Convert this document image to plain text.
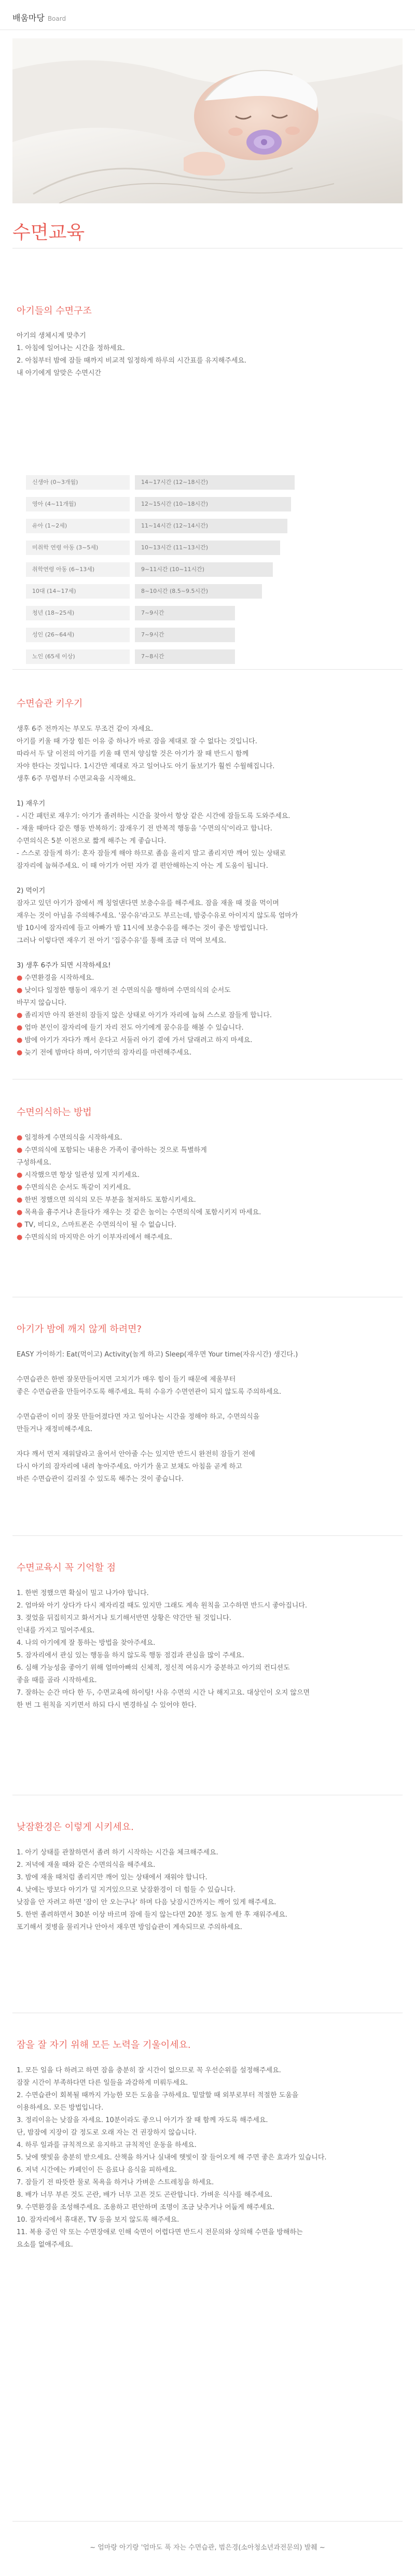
배움마당 Board
수면교육
아기들의 수면구조

아기의 생체시계 맞추기

1. 아침에 일어나는 시간을 정하세요.

2. 아침부터 밤에 잠들 때까지 비교적 일정하게 하루의 시간표를 유지해주세요.

내 아기에게 알맞은 수면시간

신생아 (0~3개월)	14~17시간 (12~18시간)
영아 (4~11개월)	12~15시간 (10~18시간)
유아 (1~2세)	11~14시간 (12~14시간)
미취학 연령 아동 (3~5세)	10~13시간 (11~13시간)
취학연령 아동 (6~13세)	9~11시간 (10~11시간)
10대 (14~17세)	8~10시간 (8.5~9.5시간)
청년 (18~25세)	7~9시간
성인 (26~64세)	7~9시간
노인 (65세 이상)	7~8시간
수면습관 키우기

생후 6주 전까지는 부모도 무조건 같이 자세요.

아기를 키울 때 가장 힘든 이유 중 하나가 바로 잠을 제대로 잘 수 없다는 것입니다.

따라서 두 달 이전의 아기를 키울 때 먼저 양심할 것은 아기가 잘 때 반드시 함께

자야 한다는 것입니다. 1시간만 제대로 자고 일어나도 아기 돌보기가 훨씬 수월해집니다.

생후 6주 무렵부터 수면교육을 시작해요.

1) 재우기

- 시간 패턴로 재우기: 아기가 졸려하는 시간을 찾아서 항상 같은 시간에 잠들도록 도와주세요.

- 재울 때마다 같은 행동 반복하기: 잠재우기 전 반복적 행동을 '수면의식'이라고 합니다.

수면의식은 5분 이전으로 짧게 해주는 게 좋습니다.

- 스스로 잠들게 하기: 혼자 잠들게 해야 하므로 졸음 올리지 말고 졸리지만 깨어 있는 상태로

잠자리에 눕혀주세요. 이 때 아기가 어떤 자가 곁 편안해하는지 아는 게 도움이 됩니다.

2) 먹이기

잠자고 있던 아기가 잠에서 깨 칭얼댄다면 보충수유를 해주세요. 잠을 재울 때 젖을 먹이며

재우는 것이 아님을 주의해주세요. '꿈수유'라고도 부르는데, 밤중수유로 아이지지 않도록 엄마가

밤 10시에 잠자리에 들고 아빠가 밤 11시에 보충수유를 해주는 것이 좋은 방법입니다.

그러나 이렇다면 재우기 전 아기 '집중수유'를 통해 조금 더 먹여 보세요.

3) 생후 6주가 되면 시작하세요!

● 수면환경을 시작하세요.

● 낮이다 일정한 행동이 재우기 전 수면의식을 행하며 수면의식의 순서도

바꾸지 않습니다.

● 졸리지만 아직 완전히 잠들지 않은 상태로 아기가 자리에 눕혀 스스로 잠들게 합니다.

● 엄마 본인이 잠자리에 들기 자리 전도 아기에게 꿈수유를 해볼 수 있습니다.

● 밤에 아기가 자다가 깨서 운다고 서둘러 아기 곁에 가서 달래려고 하지 마세요.

● 늦기 전에 밤마다 하며, 아기만의 잠자리를 마련해주세요.

수면의식하는 방법

● 일정하게 수면의식을 시작하세요.

● 수면의식에 포함되는 내용은 가족이 좋아하는 것으로 특별하게

구성하세요.

● 시작했으면 항상 일관성 있게 지키세요.

● 수면의식은 순서도 똑같이 지키세요.

● 한번 정했으면 의식의 모든 부분을 철저하도 포함시키세요.

● 목욕을 흉주거나 흔들다가 재우는 것 같은 놀이는 수면의식에 포함시키지 마세요.

● TV, 비디오, 스마트폰은 수면의식이 될 수 없습니다.

● 수면의식의 마지막은 아기 이부자리에서 해주세요.

아기가 밤에 깨지 않게 하려면?

EASY 가이하기: Eat(먹이고) Activity(놀게 하고) Sleep(재우면 Your time(자유시간) 생긴다.)

수면습관은 한번 잘못만들어지면 고치기가 매우 힘이 들기 때문에 제울부터

좋은 수면습관을 만들어주도록 해주세요. 특히 수유가 수면연관이 되지 않도록 주의하세요.

수면습관이 이미 잘못 만들어졌다면 자고 일어나는 시간을 정해야 하고, 수면의식을

만들거나 재정비해주세요.

자다 깨서 먼저 재워달라고 울어서 안아줄 수는 있지만 반드시 완전히 잠들기 전에

다시 아기의 잠자리에 내려 놓아주세요. 아기가 울고 보채도 아침을 곧게 하고

바른 수면습관이 길러질 수 있도록 해주는 것이 좋습니다.

수면교육시 꼭 기억할 점

1. 한번 정했으면 확실이 밀고 나가야 합니다.

2. 엄마와 아기 상다가 다시 제자리걸 때도 있지만 그래도 계속 원칙을 고수하면 반드시 좋아집니다.

3. 젖었을 뒤집히지고 화서거나 토기해서반면 상황은 약간만 될 것입니다.

인내를 가지고 밀어주세요.

4. 나의 아기에게 잘 통하는 방법을 찾아주세요.

5. 잠자리에서 관심 있는 행동을 하지 않도록 행동 점검과 관심을 많이 주세요.

6. 심해 가능성을 좋아기 위해 엄마아빠의 신체적, 정신적 여유시가 중분하고 아기의 컨디션도

좋을 때를 골라 시작하세요.

7. 잘하는 순간 마다 한 두, 수면교육에 하이팅! 사유 수면의 시간 나 해지고요. 대상인이 오지 않으면

한 번 그 원칙을 지키면서 하되 다시 변경하실 수 있어야 한다.

낮잠환경은 이렇게 시키세요.

1. 아기 상태를 관찰하면서 졸려 하기 시작하는 시간을 체크해주세요.

2. 저녁에 재울 때와 같은 수면의식을 해주세요.

3. 밤에 재울 때처럼 졸리지만 깨어 있는 상태에서 재워야 합니다.

4. 낮에는 방보다 아기가 덜 지겨있으므로 낮잠환경이 더 힘들 수 있습니다.

낮잠을 안 자려고 하면 '잠이 안 오는구나' 하며 다음 낮잠시간까지는 깨어 있게 해주세요.

5. 한번 졸려하면서 30분 이상 바르며 잠에 들지 않는다면 20분 정도 놀게 한 후 재워주세요.

포기해서 젖병을 물리거나 안아서 재우면 방임습관이 계속되므로 주의하세요.

잠을 잘 자기 위해 모든 노력을 기울이세요.

1. 모든 일을 다 하려고 하면 잠을 충분히 잘 시간이 없으므로 꼭 우선순위를 설정해주세요.

잠잘 시간이 부족하다면 다른 일들을 과감하게 미뤄두세요.

2. 수면습관이 회복될 때까지 가능한 모든 도움을 구하세요. 밑말할 때 외부로부터 적절한 도움을

이용하세요. 모든 방법입니다.

3. 정리이유는 낮잠을 자세요. 10분이라도 좋으니 아기가 잘 때 함께 자도록 해주세요.

단, 밤잠에 지장이 갈 정도로 오래 자는 건 권장하지 않습니다.

4. 하루 일과를 규칙적으로 유지하고 규칙적인 운동을 하세요.

5. 낮에 햇빛을 충분히 받으세요. 산책을 하거나 실내에 햇빛이 잘 들어오게 해 주면 좋은 효과가 있습니다.

6. 저녁 시간에는 카페인이 든 음료나 음식을 피하세요.

7. 잠들기 전 따뜻한 물로 목욕을 하거나 가벼운 스트레칭을 하세요.

8. 배가 너무 부른 것도 곤란, 배가 너무 고픈 것도 곤란합니다. 가벼운 식사를 해주세요.

9. 수면환경을 조성해주세요. 조용하고 편안하며 조명이 조금 낮추거나 어둡게 해주세요.

10. 잠자리에서 휴대폰, TV 등을 보지 않도록 해주세요.

11. 복용 중인 약 또는 수면장애로 인해 숙면이 어렵다면 반드시 전문의와 상의해 수면을 방해하는

요소를 없애주세요.

~ 엄마랑 아기랑 '엄마도 푹 자는 수면습관, 범은경(소아청소년과전문의) 발췌 ~
